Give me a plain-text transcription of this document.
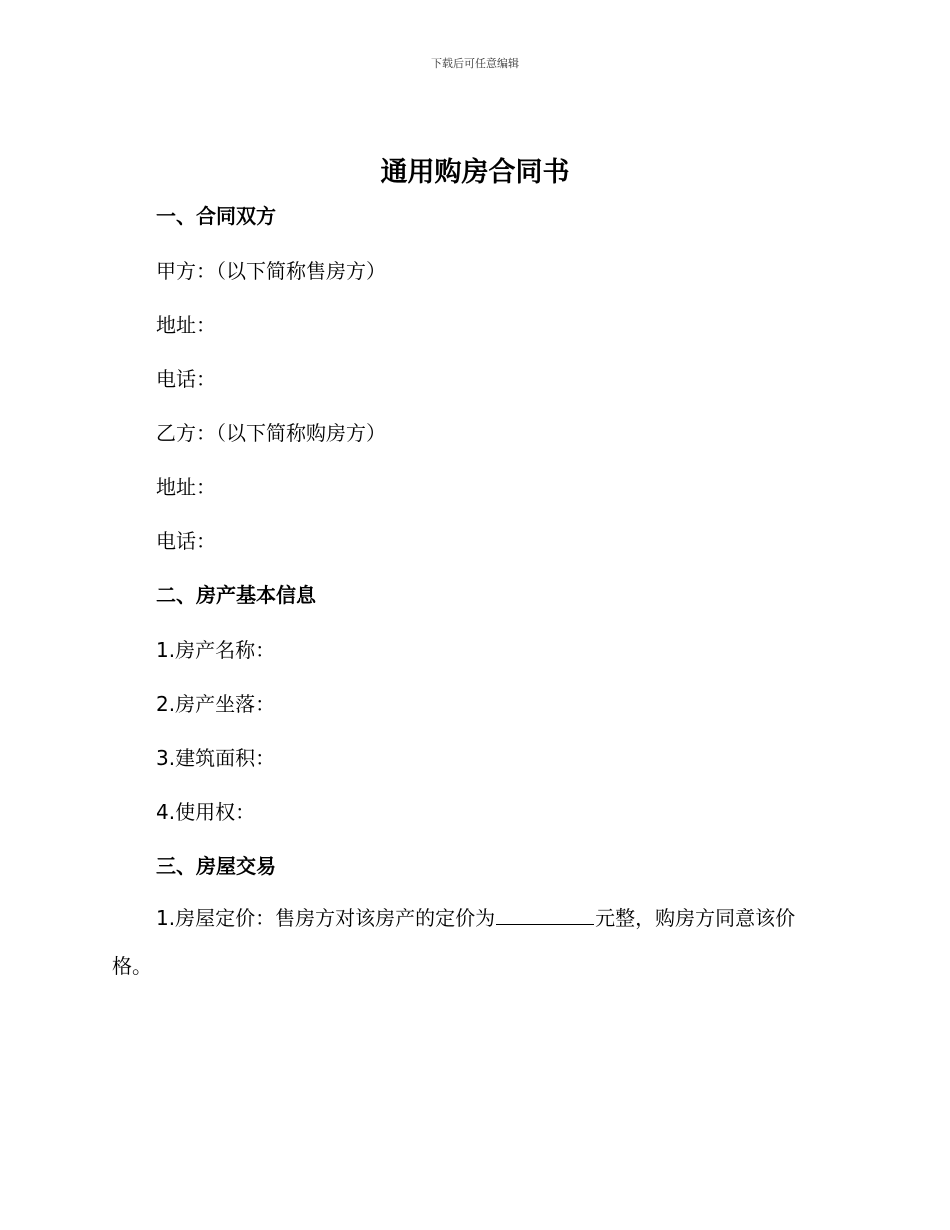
下载后可任意编辑
通用购房合同书
一、合同双方
甲方：（以下简称售房方）
地址：
电话：
乙方：（以下简称购房方）
地址：
电话：
二、房产基本信息
1.房产名称：
2.房产坐落：
3.建筑面积：
4.使用权：
三、房屋交易
1.房屋定价：售房方对该房产的定价为	元整，购房方同意该价
格。
